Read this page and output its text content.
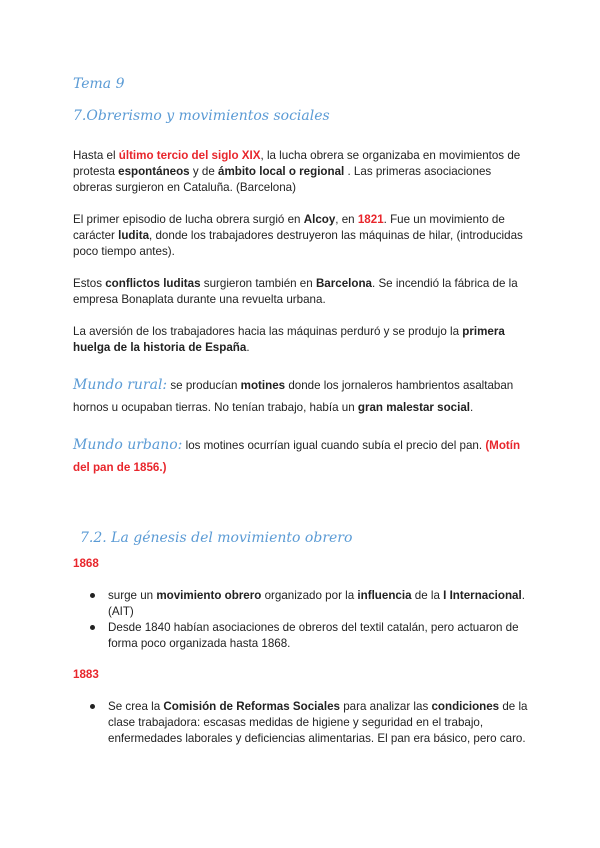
Tema 9
7.Obrerismo y movimientos sociales

Hasta el último tercio del siglo XIX, la lucha obrera se organizaba en movimientos de protesta espontáneos y de ámbito local o regional . Las primeras asociaciones obreras surgieron en Cataluña. (Barcelona)

El primer episodio de lucha obrera surgió en Alcoy, en 1821. Fue un movimiento de carácter ludita, donde los trabajadores destruyeron las máquinas de hilar, (introducidas poco tiempo antes).

Estos conflictos luditas surgieron también en Barcelona. Se incendió la fábrica de la empresa Bonaplata durante una revuelta urbana.

La aversión de los trabajadores hacia las máquinas perduró y se produjo la primera huelga de la historia de España.

Mundo rural: se producían motines donde los jornaleros hambrientos asaltaban hornos u ocupaban tierras. No tenían trabajo, había un gran malestar social.

Mundo urbano: los motines ocurrían igual cuando subía el precio del pan. (Motín del pan de 1856.)

7.2. La génesis del movimiento obrero
1868
surge un movimiento obrero organizado por la influencia de la I Internacional. (AIT)
Desde 1840 habían asociaciones de obreros del textil catalán, pero actuaron de forma poco organizada hasta 1868.
1883
Se crea la Comisión de Reformas Sociales para analizar las condiciones de la clase trabajadora: escasas medidas de higiene y seguridad en el trabajo, enfermedades laborales y deficiencias alimentarias. El pan era básico, pero caro.
